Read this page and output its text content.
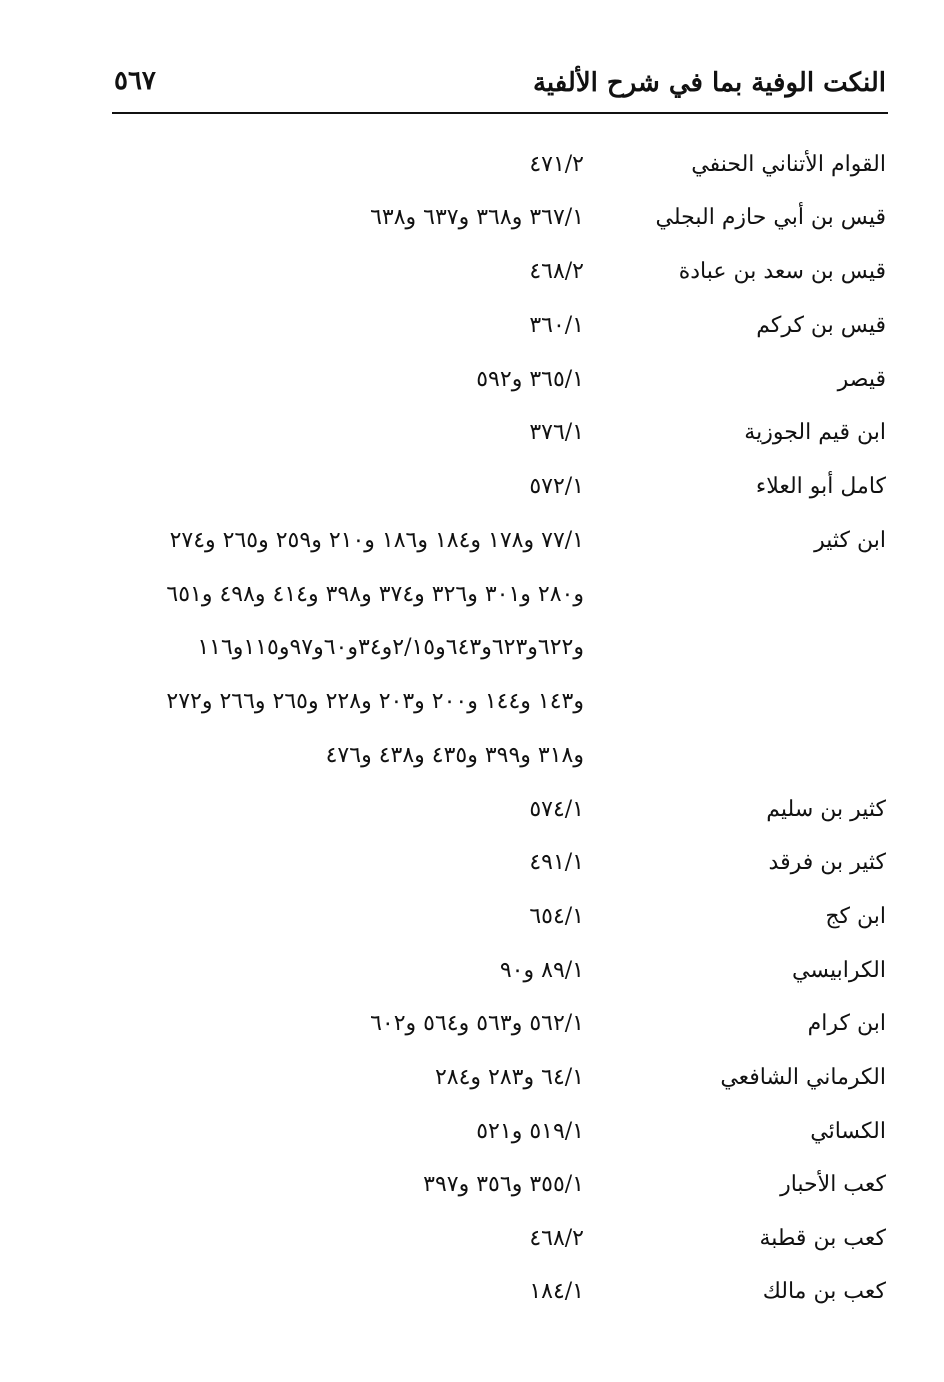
النكت الوفية بما في شرح الألفية
٥٦٧
القوام الأتناني الحنفي
٤٧١/٢
قيس بن أبي حازم البجلي
٣٦٧/١ و٣٦٨ و٦٣٧ و٦٣٨
قيس بن سعد بن عبادة
٤٦٨/٢
قيس بن كركم
٣٦٠/١
قيصر
٣٦٥/١ و٥٩٢
ابن قيم الجوزية
٣٧٦/١
كامل أبو العلاء
٥٧٢/١
ابن كثير
٧٧/١ و١٧٨ و١٨٤ و١٨٦ و٢١٠ و٢٥٩ و٢٦٥ و٢٧٤
و٢٨٠ و٣٠١ و٣٢٦ و٣٧٤ و٣٩٨ و٤١٤ و٤٩٨ و٦٥١
و٦٢٢و٦٢٣و٦٤٣و٢/١٥و٣٤و٦٠و٩٧و١١٥و١١٦
و١٤٣ و١٤٤ و٢٠٠ و٢٠٣ و٢٢٨ و٢٦٥ و٢٦٦ و٢٧٢
و٣١٨ و٣٩٩ و٤٣٥ و٤٣٨ و٤٧٦
كثير بن سليم
٥٧٤/١
كثير بن فرقد
٤٩١/١
ابن كج
٦٥٤/١
الكرابيسي
٨٩/١ و٩٠
ابن كرام
٥٦٢/١ و٥٦٣ و٥٦٤ و٦٠٢
الكرماني الشافعي
٦٤/١ و٢٨٣ و٢٨٤
الكسائي
٥١٩/١ و٥٢١
كعب الأحبار
٣٥٥/١ و٣٥٦ و٣٩٧
كعب بن قطبة
٤٦٨/٢
كعب بن مالك
١٨٤/١
